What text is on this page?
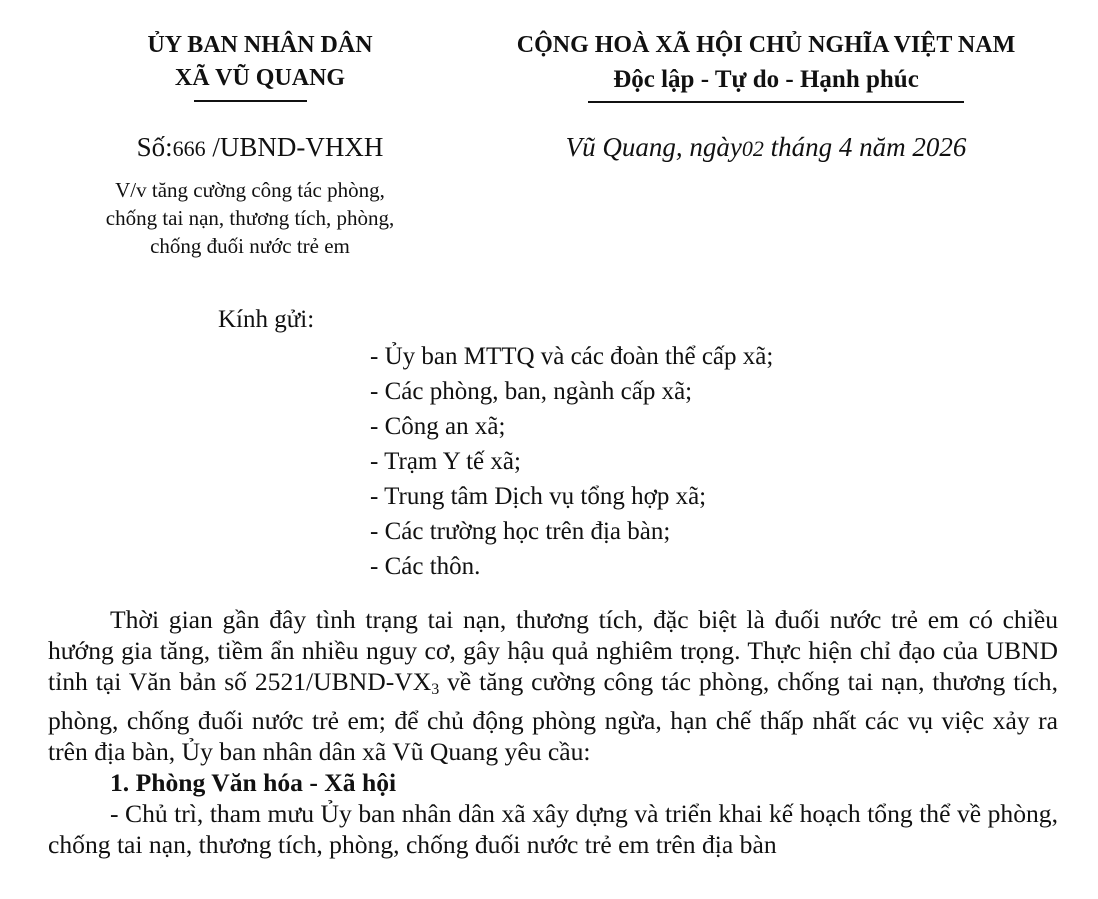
ỦY BAN NHÂN DÂN
XÃ VŨ QUANG
CỘNG HOÀ XÃ HỘI CHỦ NGHĨA VIỆT NAM
Độc lập - Tự do - Hạnh phúc
Số:666 /UBND-VHXH	Vũ Quang, ngày02 tháng 4 năm 2026
V/v tăng cường công tác phòng,
chống tai nạn, thương tích, phòng,
chống đuối nước trẻ em
Kính gửi:
- Ủy ban MTTQ và các đoàn thể cấp xã;
- Các phòng, ban, ngành cấp xã;
- Công an xã;
- Trạm Y tế xã;
- Trung tâm Dịch vụ tổng hợp xã;
- Các trường học trên địa bàn;
- Các thôn.

Thời gian gần đây tình trạng tai nạn, thương tích, đặc biệt là đuối nước trẻ em có chiều hướng gia tăng, tiềm ẩn nhiều nguy cơ, gây hậu quả nghiêm trọng. Thực hiện chỉ đạo của UBND tỉnh tại Văn bản số $2521/UBND-VX_3$ về tăng cường công tác phòng, chống tai nạn, thương tích, phòng, chống đuối nước trẻ em; để chủ động phòng ngừa, hạn chế thấp nhất các vụ việc xảy ra trên địa bàn, Ủy ban nhân dân xã Vũ Quang yêu cầu:

1. Phòng Văn hóa - Xã hội

- Chủ trì, tham mưu Ủy ban nhân dân xã xây dựng và triển khai kế hoạch tổng thể về phòng, chống tai nạn, thương tích, phòng, chống đuối nước trẻ em trên địa bàn
